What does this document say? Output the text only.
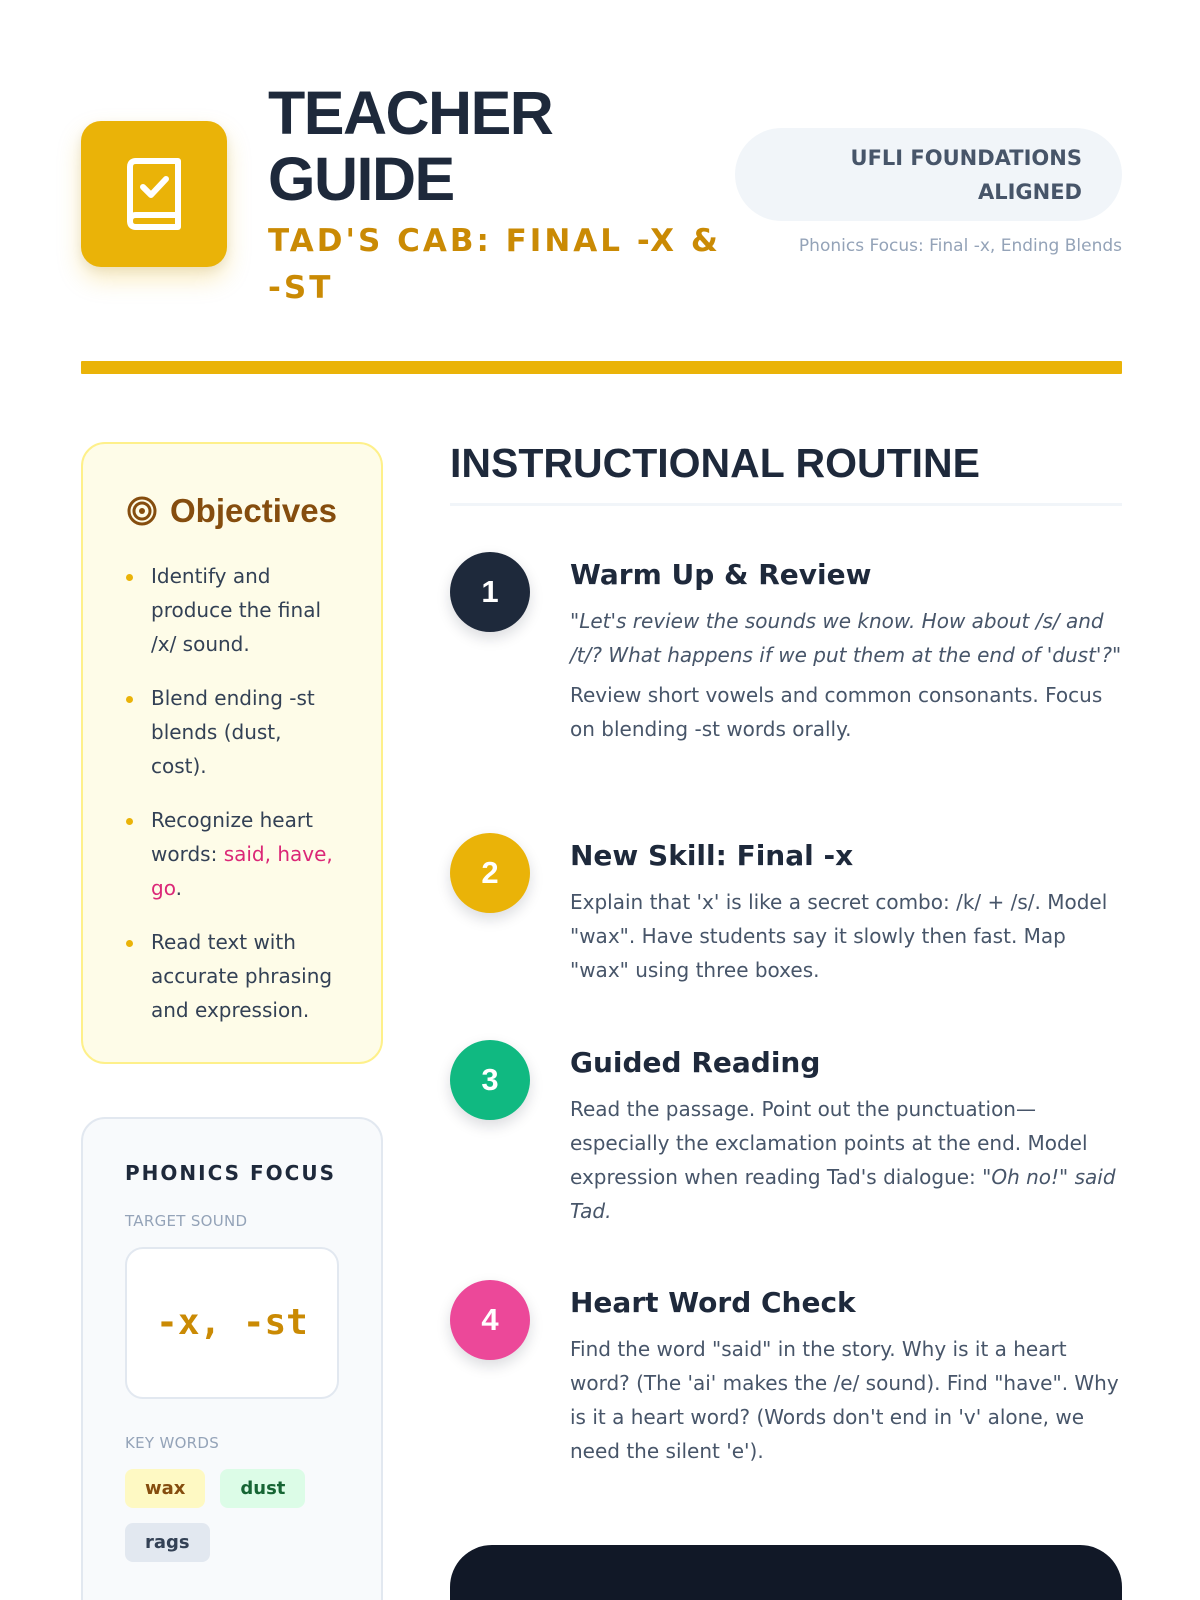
TEACHER GUIDE
TAD'S CAB: FINAL -X & -ST
UFLI FOUNDATIONS ALIGNED
Phonics Focus: Final -x, Ending Blends
Objectives
Identify and produce the final /x/ sound.
Blend ending -st blends (dust, cost).
Recognize heart words: said, have, go.
Read text with accurate phrasing and expression.
PHONICS FOCUS
TARGET SOUND
-x, -st
KEY WORDS
wax	dust
rags
INSTRUCTIONAL ROUTINE
1	Warm Up & Review
"Let's review the sounds we know. How about /s/ and /t/? What happens if we put them at the end of 'dust'?"
Review short vowels and common consonants. Focus on blending -st words orally.
2	New Skill: Final -x
Explain that 'x' is like a secret combo: /k/ + /s/. Model "wax". Have students say it slowly then fast. Map "wax" using three boxes.
3	Guided Reading
Read the passage. Point out the punctuation—especially the exclamation points at the end. Model expression when reading Tad's dialogue: "Oh no!" said Tad.
4	Heart Word Check
Find the word "said" in the story. Why is it a heart word? (The 'ai' makes the /e/ sound). Find "have". Why is it a heart word? (Words don't end in 'v' alone, we need the silent 'e').
